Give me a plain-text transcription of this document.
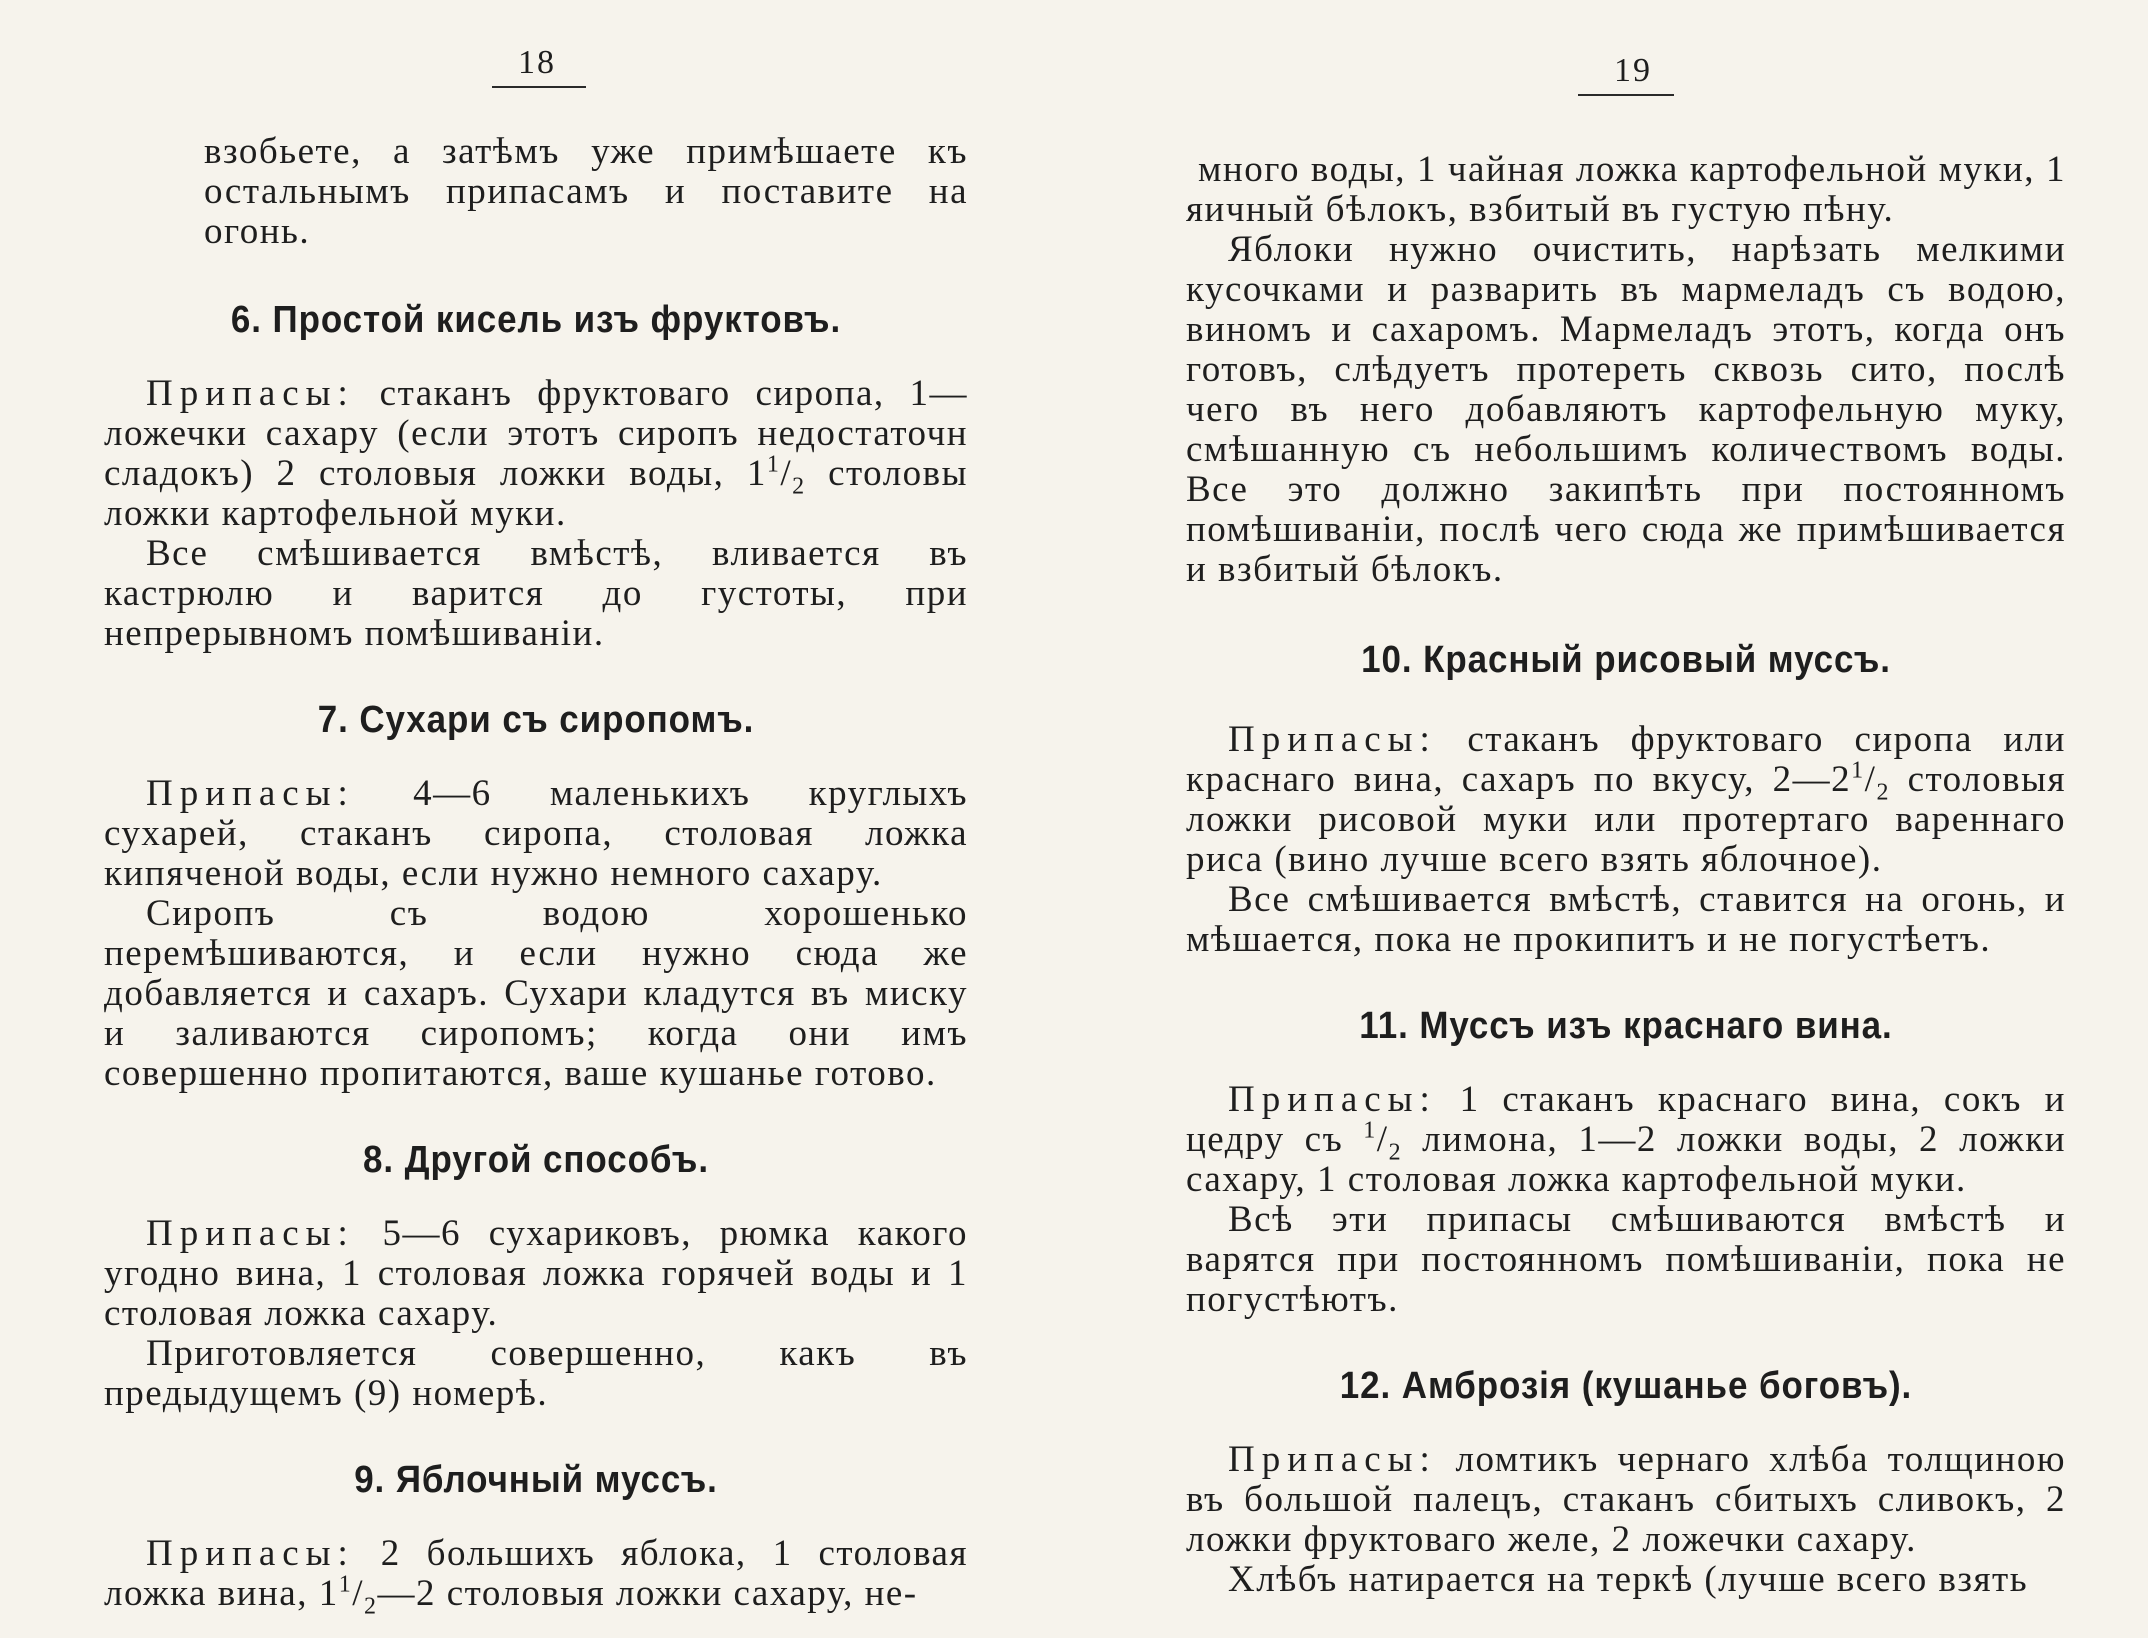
18

взобьете, а затѣмъ уже примѣшаете къ остальнымъ припасамъ и поставите на огонь.

6. Простой кисель изъ фруктовъ.

Припасы: стаканъ фруктоваго сиропа, 1—ложечки сахару (если этотъ сиропъ недостаточн сладокъ) 2 столовыя ложки воды, $1^1/_2$ столовы ложки картофельной муки.

Все смѣшивается вмѣстѣ, вливается въ кастрюлю и варится до густоты, при непрерывномъ помѣшиваніи.

7. Сухари съ сиропомъ.

Припасы: 4—6 маленькихъ круглыхъ сухарей, стаканъ сиропа, столовая ложка кипяченой воды, если нужно немного сахару.

Сиропъ съ водою хорошенько перемѣшиваются, и если нужно сюда же добавляется и сахаръ. Сухари кладутся въ миску и заливаются сиропомъ; когда они имъ совершенно пропитаются, ваше кушанье готово.

8. Другой способъ.

Припасы: 5—6 сухариковъ, рюмка какого угодно вина, 1 столовая ложка горячей воды и 1 столовая ложка сахару.

Приготовляется совершенно, какъ въ предыдущемъ (9) номерѣ.

9. Яблочный муссъ.

Припасы: 2 большихъ яблока, 1 столовая ложка вина, $1^1/_2—2$ столовыя ложки сахару, не-

19

много воды, 1 чайная ложка картофельной муки, 1 яичный бѣлокъ, взбитый въ густую пѣну.

Яблоки нужно очистить, нарѣзать мелкими кусочками и разварить въ мармеладъ съ водою, виномъ и сахаромъ. Мармеладъ этотъ, когда онъ готовъ, слѣдуетъ протереть сквозь сито, послѣ чего въ него добавляютъ картофельную муку, смѣшанную съ небольшимъ количествомъ воды. Все это должно закипѣть при постоянномъ помѣшиваніи, послѣ чего сюда же примѣшивается и взбитый бѣлокъ.

10. Красный рисовый муссъ.

Припасы: стаканъ фруктоваго сиропа или краснаго вина, сахаръ по вкусу, $2—2^1/_2$ столовыя ложки рисовой муки или протертаго вареннаго риса (вино лучше всего взять яблочное).

Все смѣшивается вмѣстѣ, ставится на огонь, и мѣшается, пока не прокипитъ и не погустѣетъ.

11. Муссъ изъ краснаго вина.

Припасы: 1 стаканъ краснаго вина, сокъ и цедру съ $^1/_2$ лимона, 1—2 ложки воды, 2 ложки сахару, 1 столовая ложка картофельной муки.

Всѣ эти припасы смѣшиваются вмѣстѣ и варятся при постоянномъ помѣшиваніи, пока не погустѣютъ.

12. Амброзія (кушанье боговъ).

Припасы: ломтикъ чернаго хлѣба толщиною въ большой палецъ, стаканъ сбитыхъ сливокъ, 2 ложки фруктоваго желе, 2 ложечки сахару.

Хлѣбъ натирается на теркѣ (лучше всего взять
